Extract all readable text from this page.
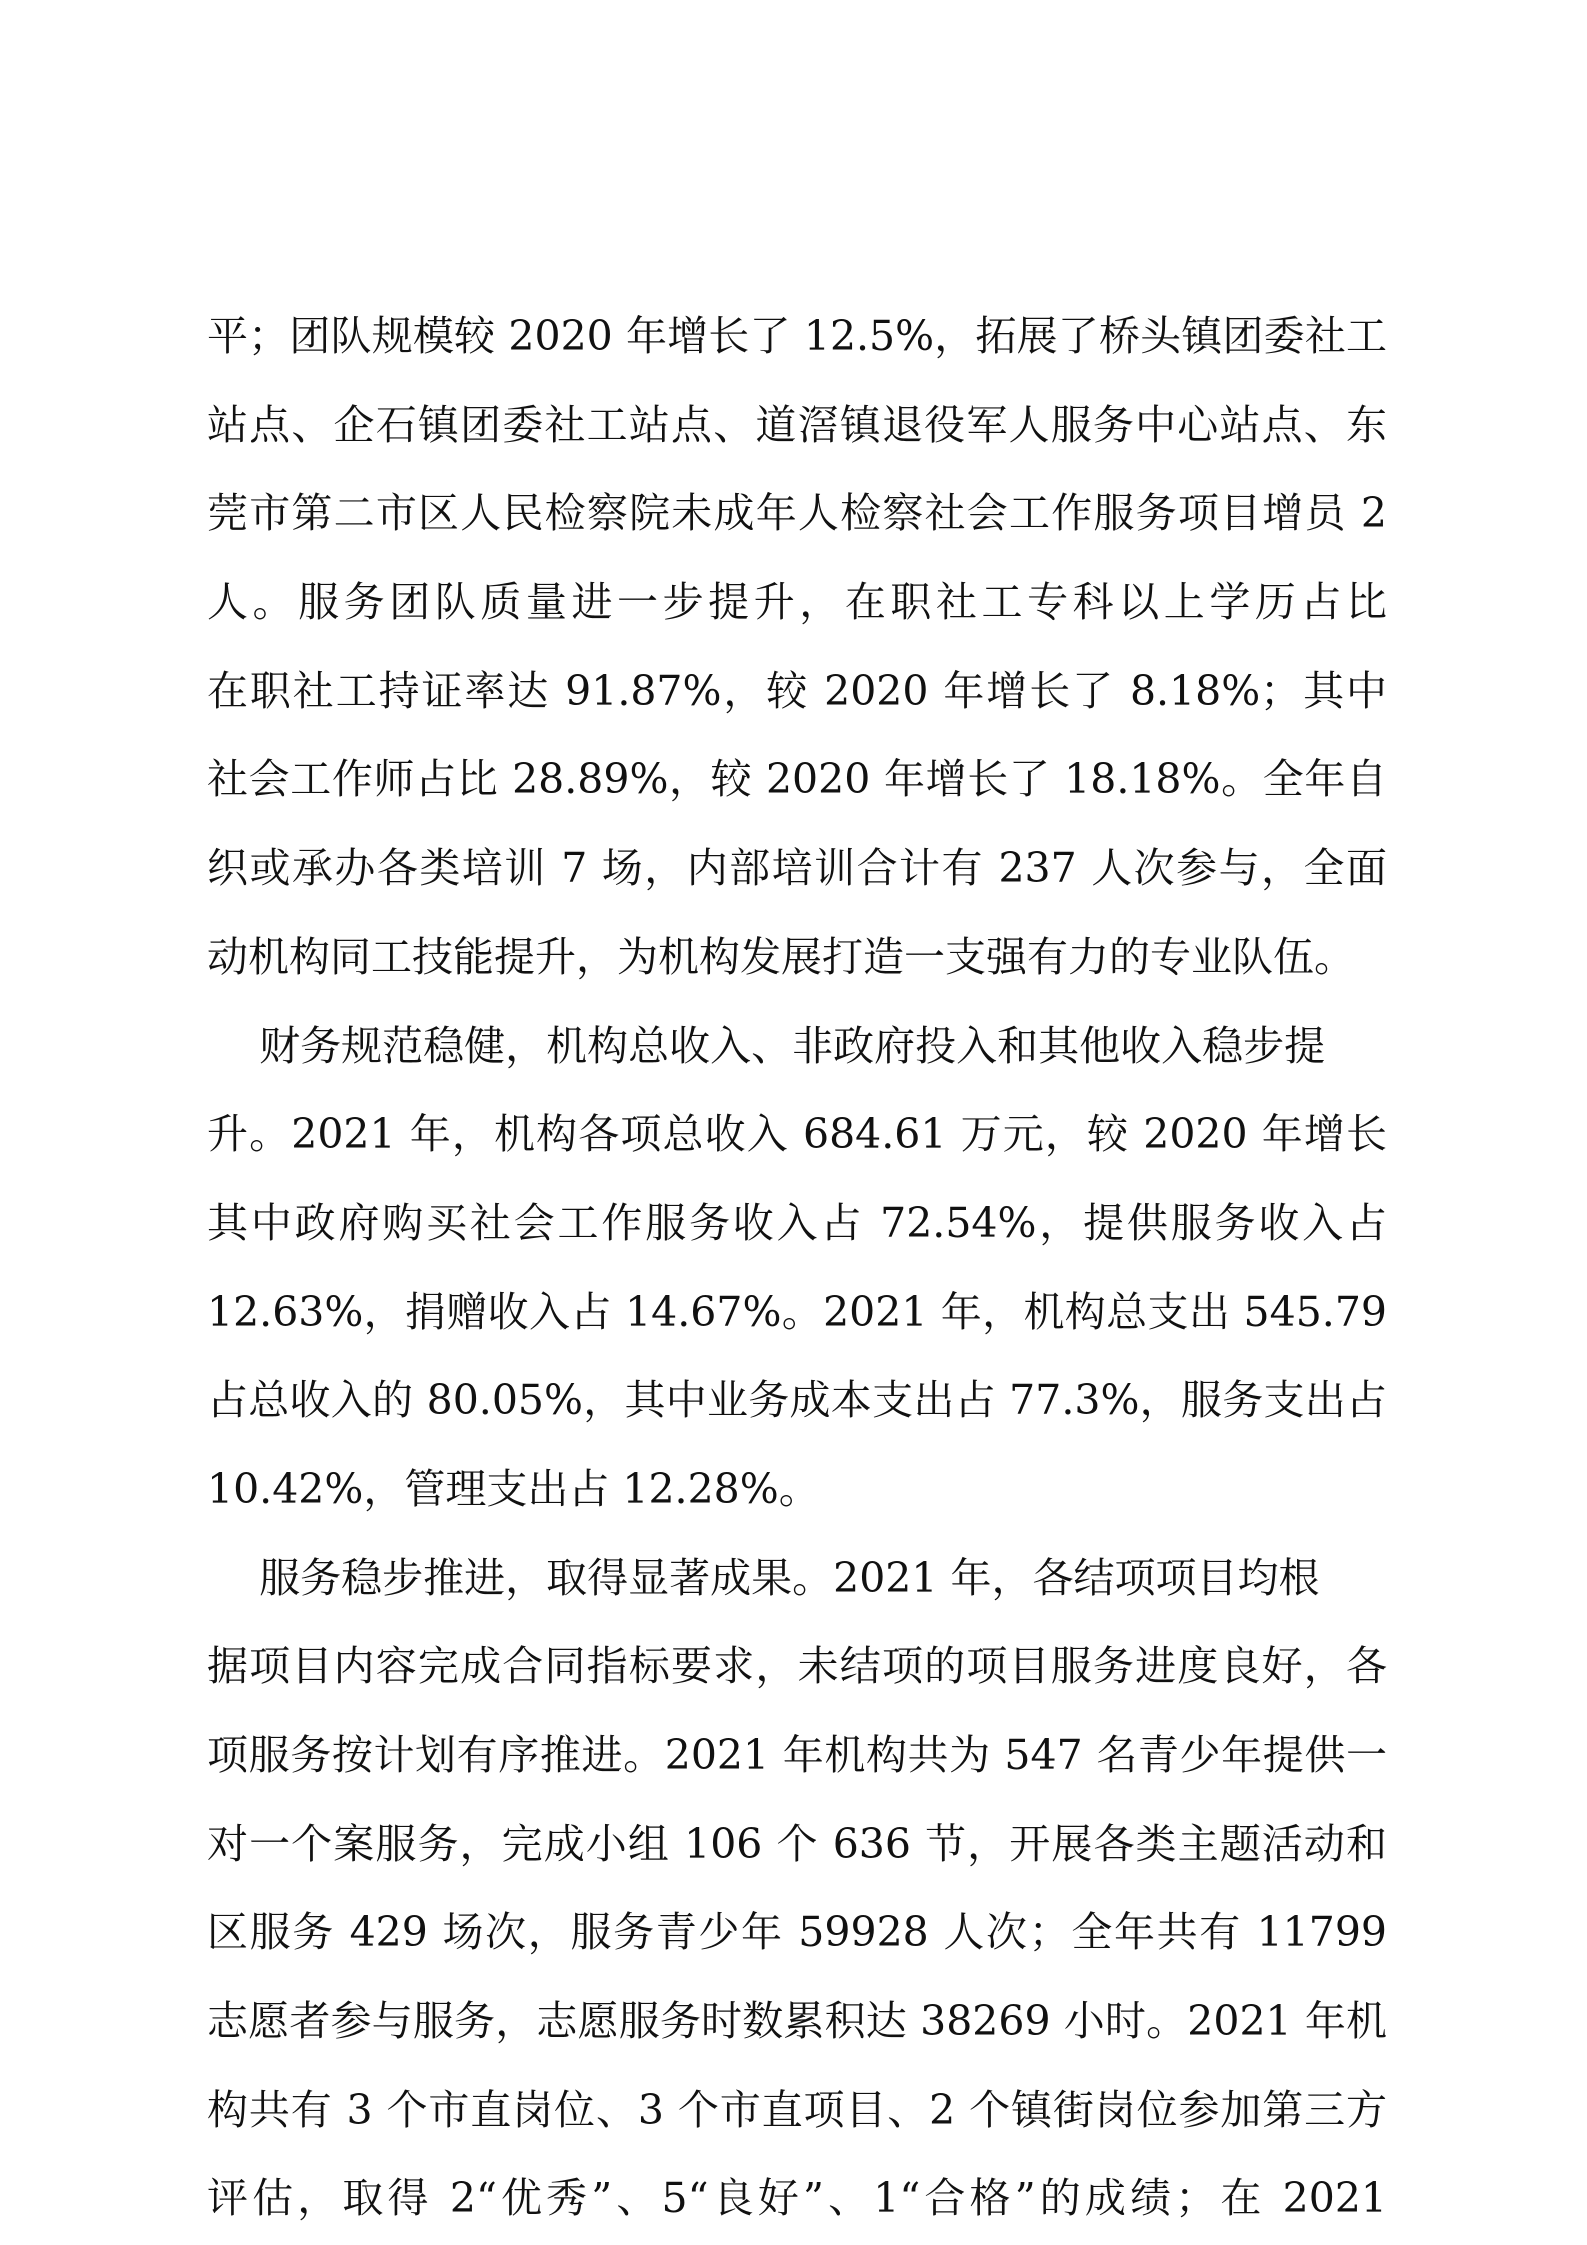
平；团队规模较 2020 年增长了 12.5%，拓展了桥头镇团委社工
站点、企石镇团委社工站点、道滘镇退役军人服务中心站点、东
莞市第二市区人民检察院未成年人检察社会工作服务项目增员 2
人。服务团队质量进一步提升，在职社工专科以上学历占比
在职社工持证率达 91.87%，较 2020 年增长了 8.18%；其中
社会工作师占比 28.89%，较 2020 年增长了 18.18%。全年自
织或承办各类培训 7 场，内部培训合计有 237 人次参与，全面
动机构同工技能提升，为机构发展打造一支强有力的专业队伍。
财务规范稳健，机构总收入、非政府投入和其他收入稳步提
升。2021 年，机构各项总收入 684.61 万元，较 2020 年增长
其中政府购买社会工作服务收入占 72.54%，提供服务收入占
12.63%，捐赠收入占 14.67%。2021 年，机构总支出 545.79
占总收入的 80.05%，其中业务成本支出占 77.3%，服务支出占
10.42%，管理支出占 12.28%。
服务稳步推进，取得显著成果。2021 年，各结项项目均根
据项目内容完成合同指标要求，未结项的项目服务进度良好，各
项服务按计划有序推进。2021 年机构共为 547 名青少年提供一
对一个案服务，完成小组 106 个 636 节，开展各类主题活动和
区服务 429 场次，服务青少年 59928 人次；全年共有 11799
志愿者参与服务，志愿服务时数累积达 38269 小时。2021 年机
构共有 3 个市直岗位、3 个市直项目、2 个镇街岗位参加第三方
评估，取得 2“优秀”、5“良好”、1“合格”的成绩；在 2021
